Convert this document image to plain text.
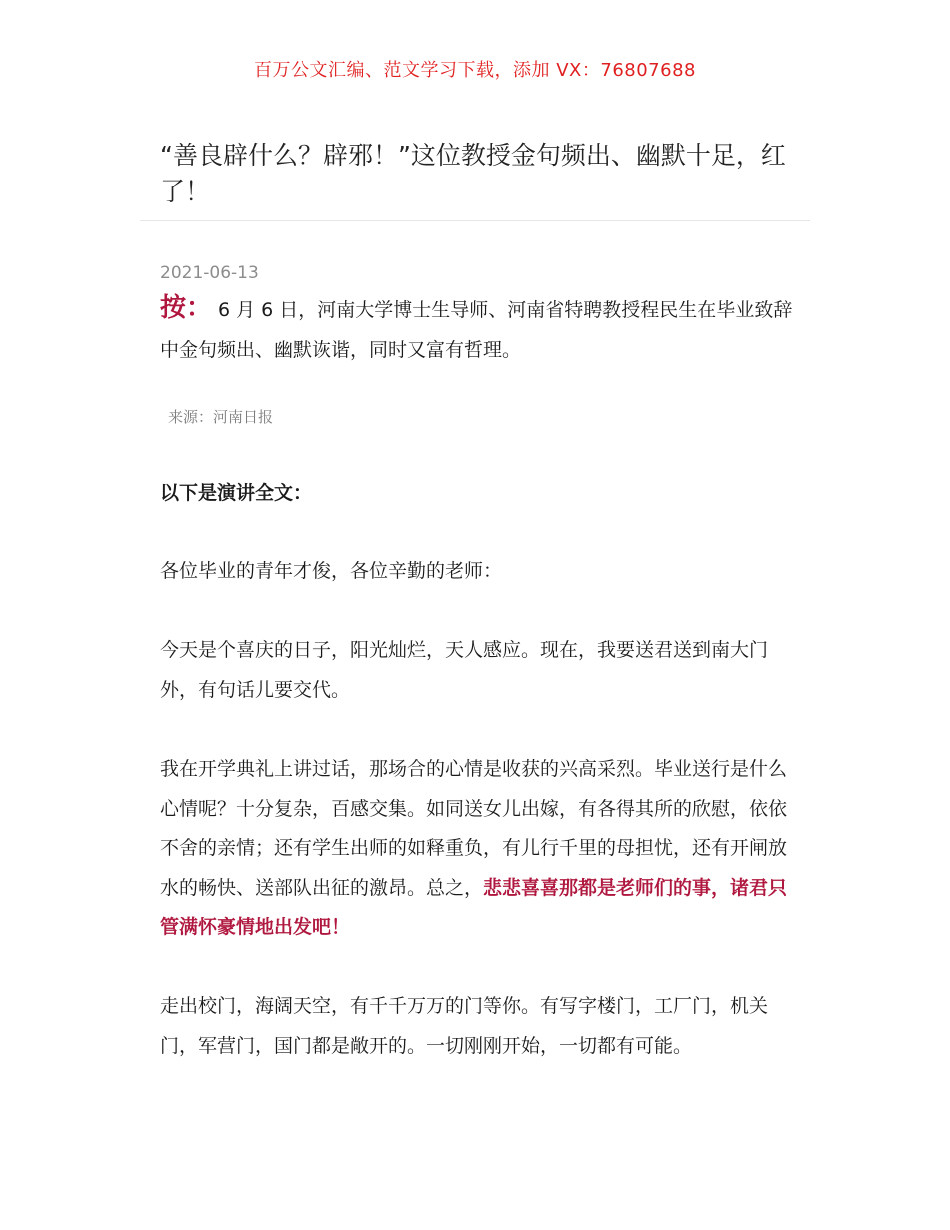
百万公文汇编、范文学习下载，添加 VX：76807688
“善良辟什么？辟邪！”这位教授金句频出、幽默十足，红了！
2021-06-13
按： 6 月 6 日，河南大学博士生导师、河南省特聘教授程民生在毕业致辞中金句频出、幽默诙谐，同时又富有哲理。
来源：河南日报
以下是演讲全文：
各位毕业的青年才俊，各位辛勤的老师：
今天是个喜庆的日子，阳光灿烂，天人感应。现在，我要送君送到南大门外，有句话儿要交代。
我在开学典礼上讲过话，那场合的心情是收获的兴高采烈。毕业送行是什么心情呢？十分复杂，百感交集。如同送女儿出嫁，有各得其所的欣慰，依依不舍的亲情；还有学生出师的如释重负，有儿行千里的母担忧，还有开闸放水的畅快、送部队出征的激昂。总之，悲悲喜喜那都是老师们的事，诸君只管满怀豪情地出发吧！
走出校门，海阔天空，有千千万万的门等你。有写字楼门，工厂门，机关门，军营门，国门都是敞开的。一切刚刚开始，一切都有可能。
